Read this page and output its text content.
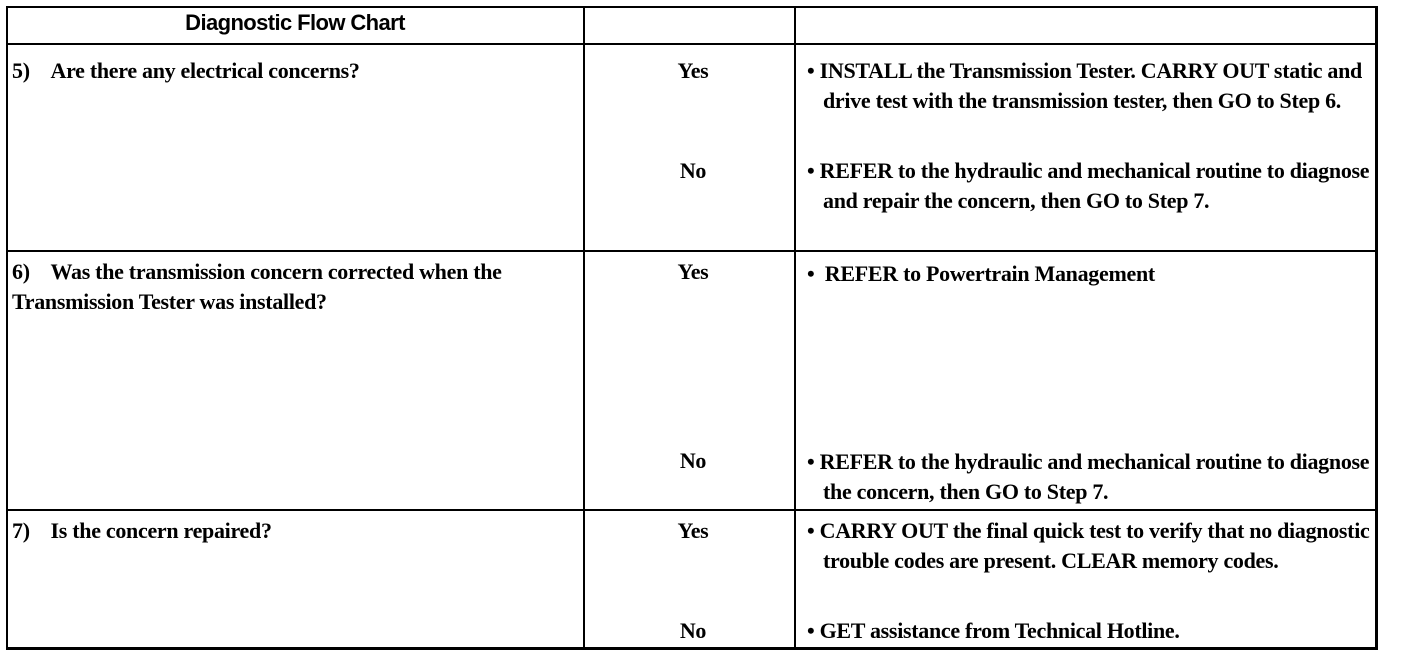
Diagnostic Flow Chart
5)    Are there any electrical concerns?	Yes	• INSTALL the Transmission Tester. CARRY OUT static and drive test with the transmission tester, then GO to Step 6.
No	• REFER to the hydraulic and mechanical routine to diagnose and repair the concern, then GO to Step 7.
6)    Was the transmission concern corrected when the Transmission Tester was installed?
Yes	•  REFER to Powertrain Management
No	• REFER to the hydraulic and mechanical routine to diagnose the concern, then GO to Step 7.
7)    Is the concern repaired?	Yes	• CARRY OUT the final quick test to verify that no diagnostic trouble codes are present. CLEAR memory codes.
No	• GET assistance from Technical Hotline.
